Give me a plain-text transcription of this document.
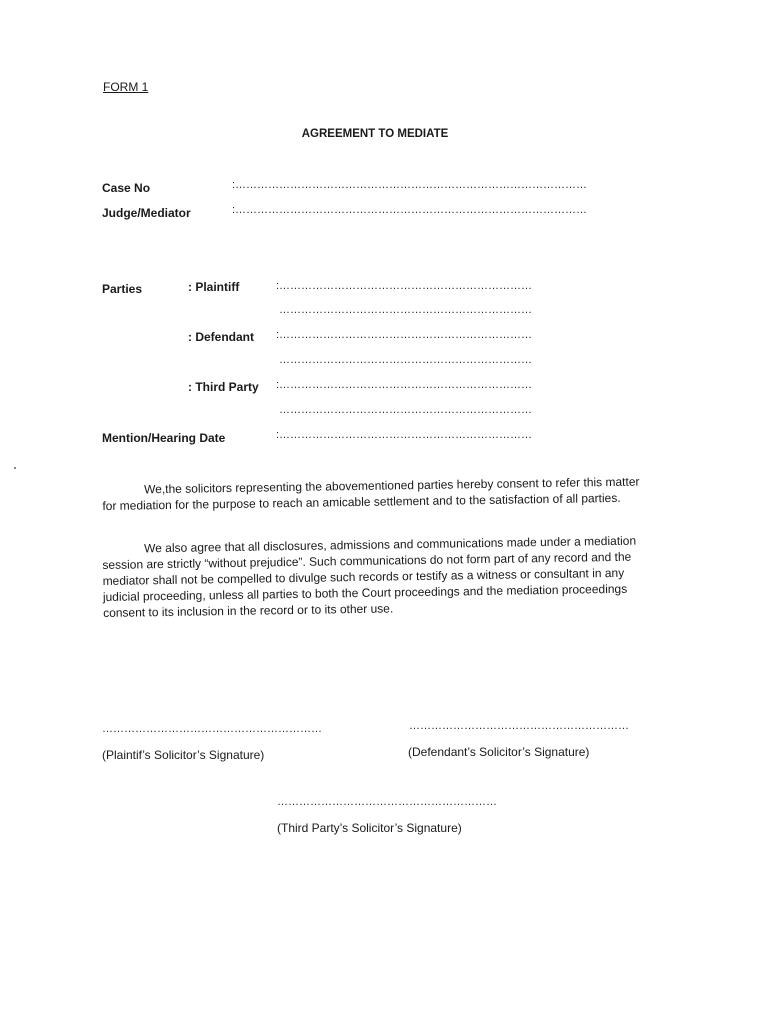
FORM 1
AGREEMENT TO MEDIATE
Case No	:……………………………………………………………………………………
Judge/Mediator	:……………………………………………………………………………………
Parties	: Plaintiff	:……………………………………………………………
……………………………………………………………
: Defendant :……………………………………………………………
……………………………………………………………
: Third Party :……………………………………………………………
……………………………………………………………
Mention/Hearing Date	:……………………………………………………………
We,the solicitors representing the abovementioned parties hereby consent to refer this matter for mediation for the purpose to reach an amicable settlement and to the satisfaction of all parties.
We also agree that all disclosures, admissions and communications made under a mediation session are strictly “without prejudice”. Such communications do not form part of any record and the mediator shall not be compelled to divulge such records or testify as a witness or consultant in any judicial proceeding, unless all parties to both the Court proceedings and the mediation proceedings consent to its inclusion in the record or to its other use.
……………………………………………………
(Plaintif’s Solicitor’s Signature)
……………………………………………………
(Defendant’s Solicitor’s Signature)
……………………………………………………
(Third Party’s Solicitor’s Signature)
